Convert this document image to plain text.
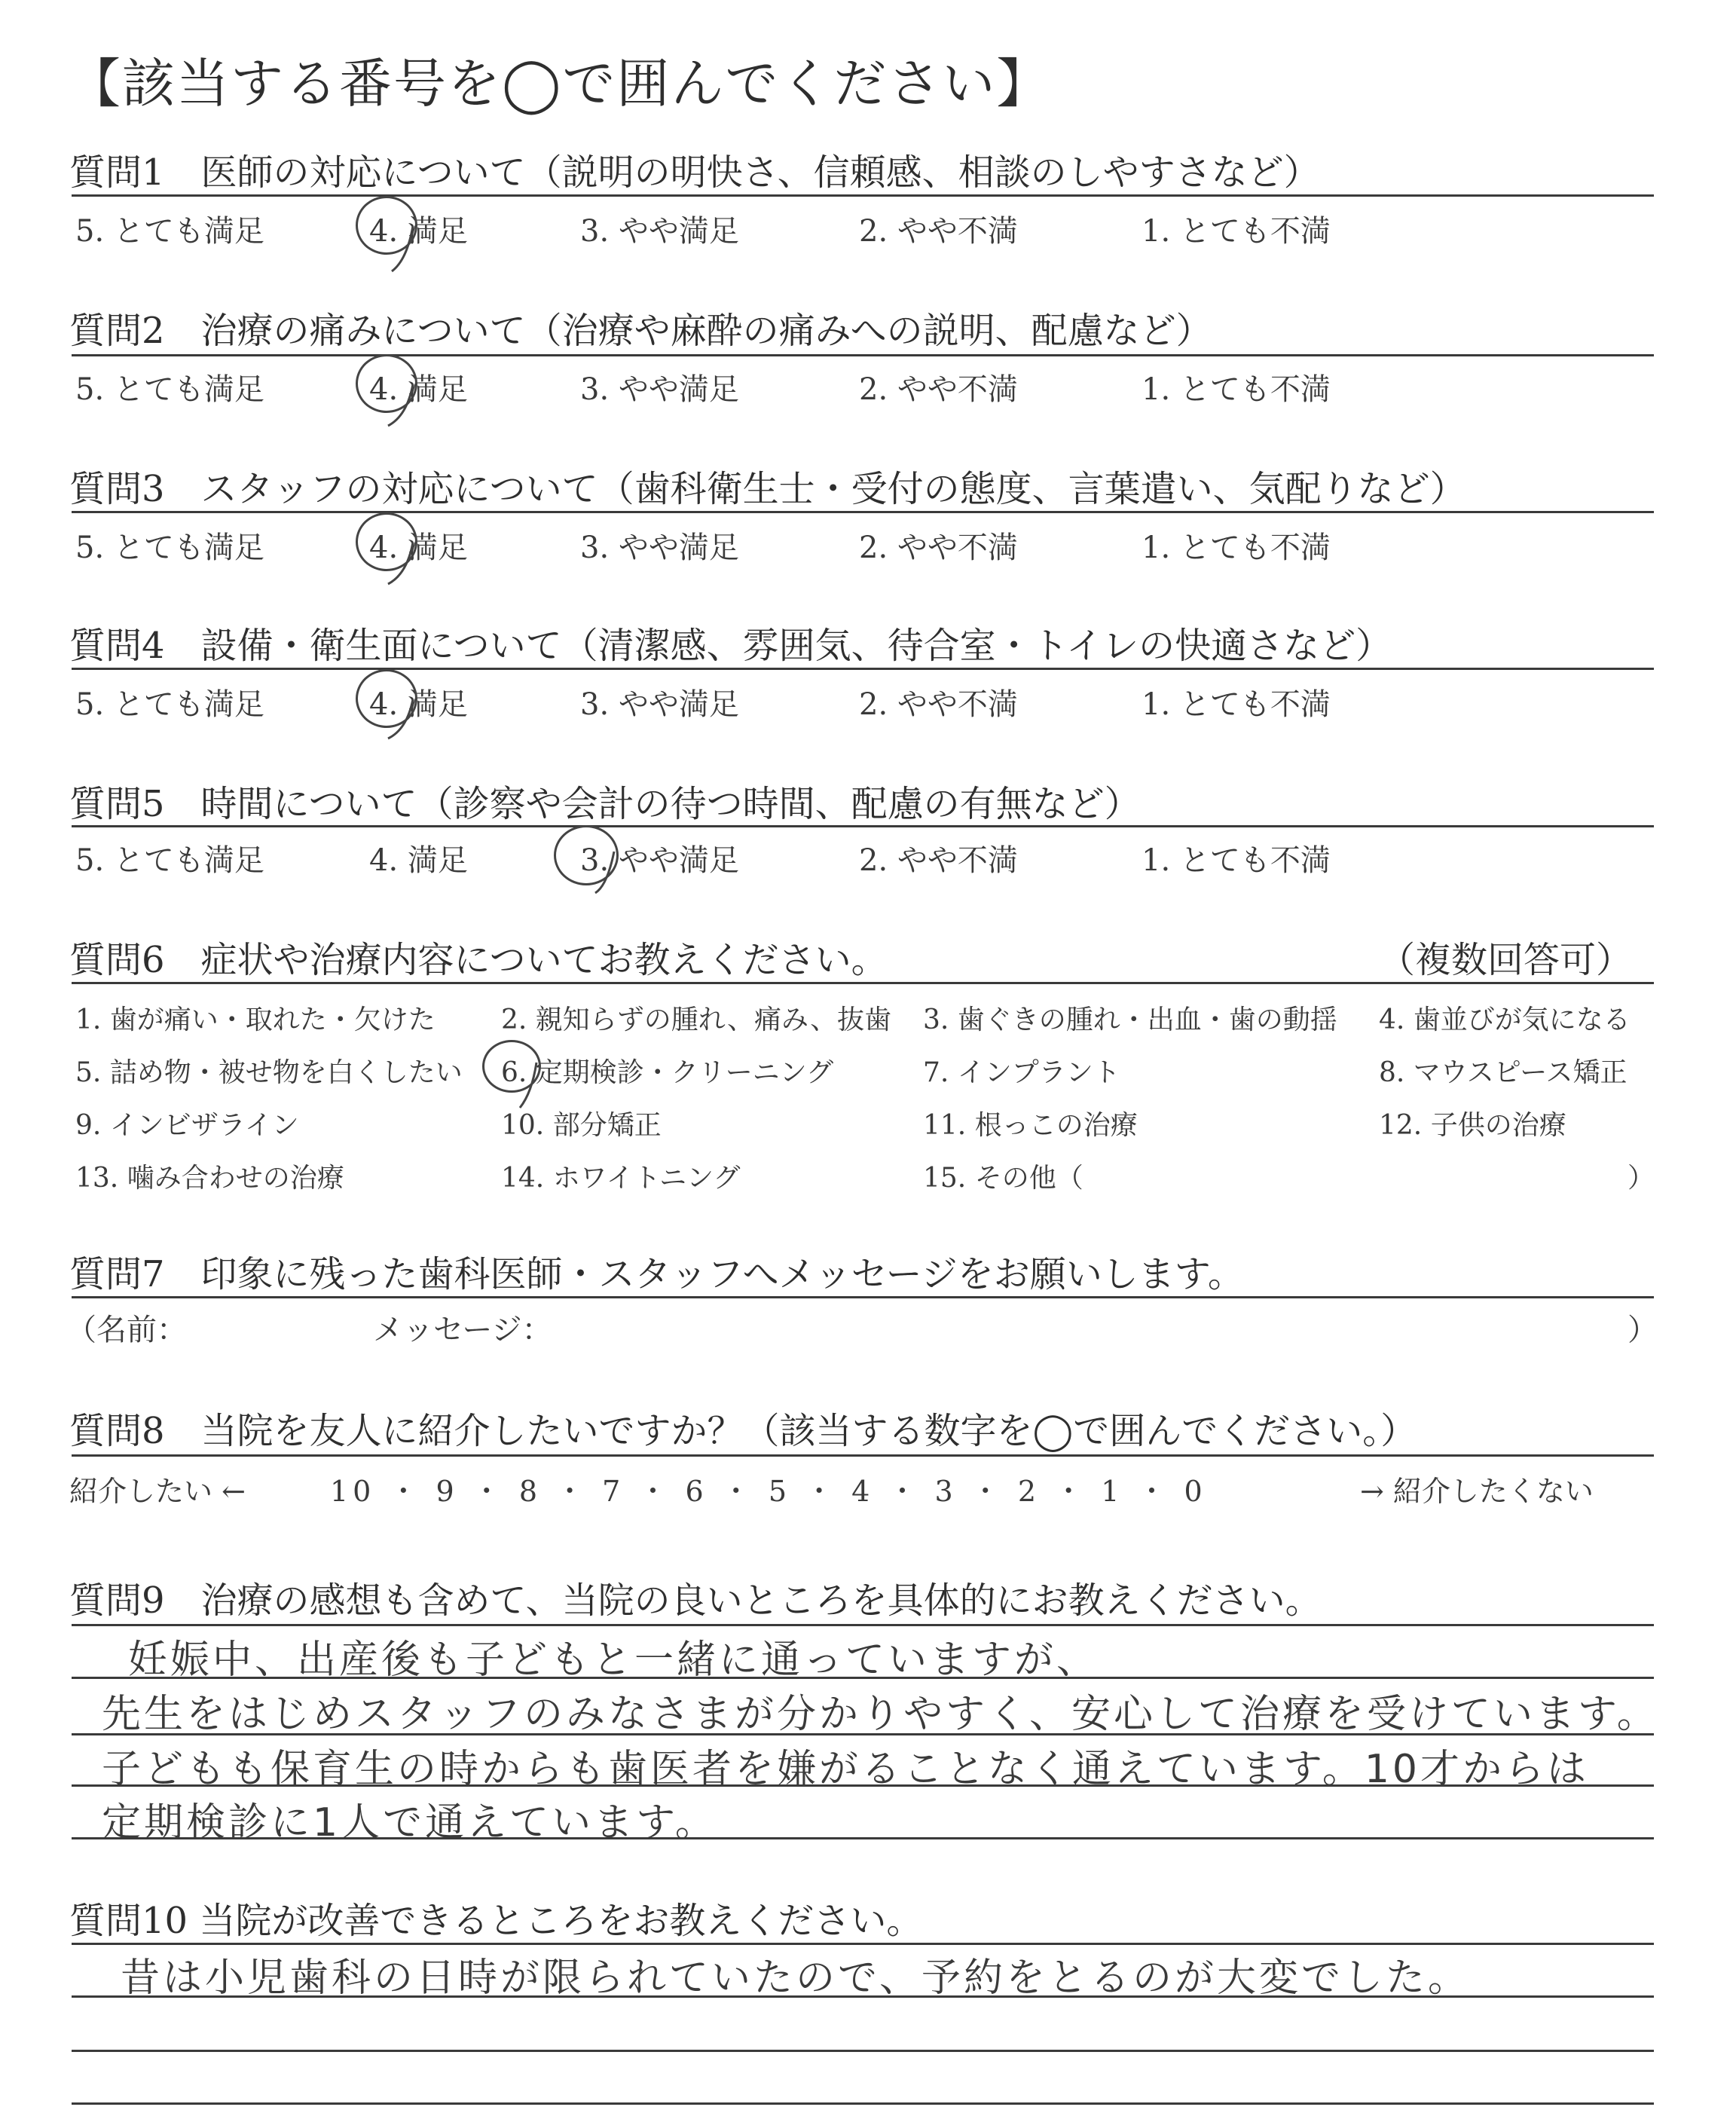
【該当する番号を◯で囲んでください】
質問1　医師の対応について（説明の明快さ、信頼感、相談のしやすさなど）
5. とても満足	4. 満足	3. やや満足	2. やや不満	1. とても不満
質問2　治療の痛みについて（治療や麻酔の痛みへの説明、配慮など）
5. とても満足	4. 満足	3. やや満足	2. やや不満	1. とても不満
質問3　スタッフの対応について（歯科衛生士・受付の態度、言葉遣い、気配りなど）
5. とても満足	4. 満足	3. やや満足	2. やや不満	1. とても不満
質問4　設備・衛生面について（清潔感、雰囲気、待合室・トイレの快適さなど）
5. とても満足	4. 満足	3. やや満足	2. やや不満	1. とても不満
質問5　時間について（診察や会計の待つ時間、配慮の有無など）
5. とても満足	4. 満足	3. やや満足	2. やや不満	1. とても不満
質問6　症状や治療内容についてお教えください。	（複数回答可）
1. 歯が痛い・取れた・欠けた 2. 親知らずの腫れ、痛み、抜歯 3. 歯ぐきの腫れ・出血・歯の動揺 4. 歯並びが気になる
5. 詰め物・被せ物を白くしたい 6. 定期検診・クリーニング	7. インプラント	8. マウスピース矯正
9. インビザライン	10. 部分矯正	11. 根っこの治療	12. 子供の治療
13. 噛み合わせの治療	14. ホワイトニング	15. その他（	）
質問7　印象に残った歯科医師・スタッフへメッセージをお願いします。
（名前：	メッセージ：	）
質問8　当院を友人に紹介したいですか？（該当する数字を◯で囲んでください。）
紹介したい ←	10 ・ 9 ・ 8 ・ 7 ・ 6 ・ 5 ・ 4 ・ 3 ・ 2 ・ 1 ・ 0	→ 紹介したくない
質問9　治療の感想も含めて、当院の良いところを具体的にお教えください。
妊娠中、出産後も子どもと一緒に通っていますが、
先生をはじめスタッフのみなさまが分かりやすく、安心して治療を受けています。
子どもも保育生の時からも歯医者を嫌がることなく通えています。10才からは
定期検診に1人で通えています。
質問10 当院が改善できるところをお教えください。
昔は小児歯科の日時が限られていたので、予約をとるのが大変でした。
